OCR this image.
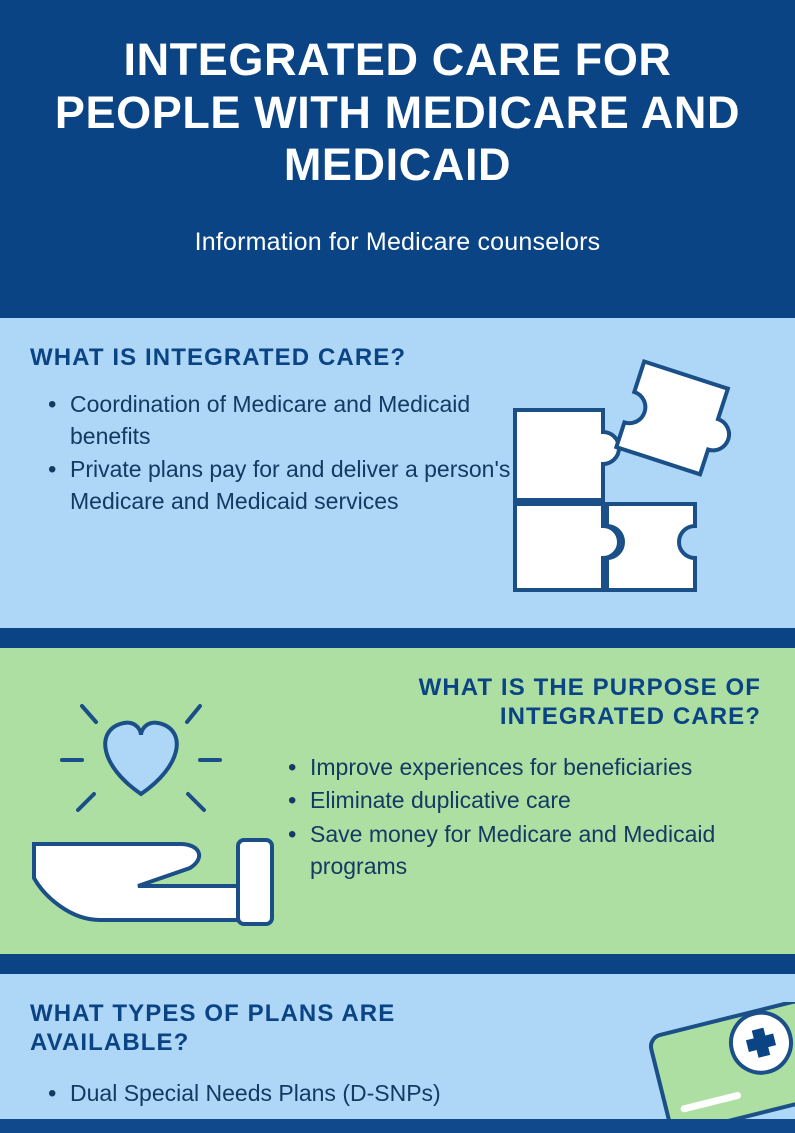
INTEGRATED CARE FOR PEOPLE WITH MEDICARE AND MEDICAID
Information for Medicare counselors
WHAT IS INTEGRATED CARE?
• Coordination of Medicare and Medicaid benefits
• Private plans pay for and deliver a person's Medicare and Medicaid services
WHAT IS THE PURPOSE OF INTEGRATED CARE?
• Improve experiences for beneficiaries
• Eliminate duplicative care
• Save money for Medicare and Medicaid programs
WHAT TYPES OF PLANS ARE AVAILABLE?
• Dual Special Needs Plans (D-SNPs)
